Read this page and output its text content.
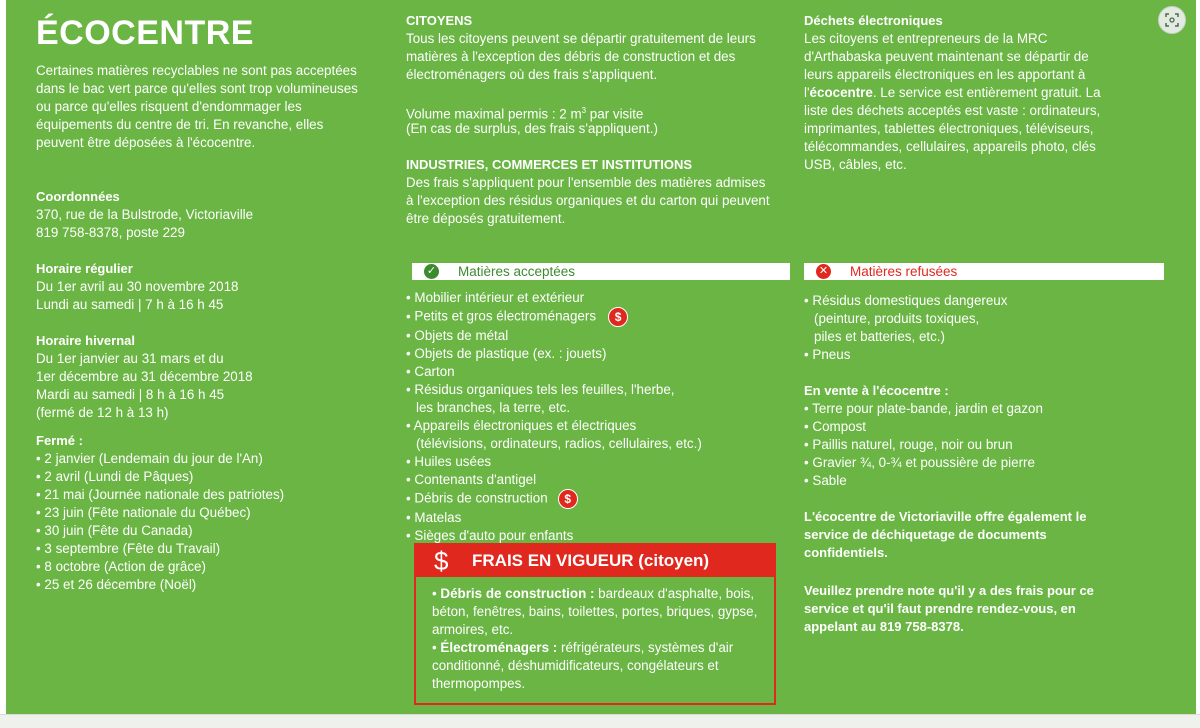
ÉCOCENTRE
Certaines matières recyclables ne sont pas acceptées dans le bac vert parce qu'elles sont trop volumineuses ou parce qu'elles risquent d'endommager les équipements du centre de tri. En revanche, elles peuvent être déposées à l'écocentre.
Coordonnées
370, rue de la Bulstrode, Victoriaville
819 758-8378, poste 229
Horaire régulier
Du 1er avril au 30 novembre 2018
Lundi au samedi | 7 h à 16 h 45
Horaire hivernal
Du 1er janvier au 31 mars et du
1er décembre au 31 décembre 2018
Mardi au samedi | 8 h à 16 h 45
(fermé de 12 h à 13 h)
Fermé :
• 2 janvier (Lendemain du jour de l'An)
• 2 avril (Lundi de Pâques)
• 21 mai (Journée nationale des patriotes)
• 23 juin (Fête nationale du Québec)
• 30 juin (Fête du Canada)
• 3 septembre (Fête du Travail)
• 8 octobre (Action de grâce)
• 25 et 26 décembre (Noël)
CITOYENS
Tous les citoyens peuvent se départir gratuitement de leurs matières à l'exception des débris de construction et des électroménagers où des frais s'appliquent.
Volume maximal permis : 2 $m^3$ par visite
(En cas de surplus, des frais s'appliquent.)
INDUSTRIES, COMMERCES ET INSTITUTIONS
Des frais s'appliquent pour l'ensemble des matières admises à l'exception des résidus organiques et du carton qui peuvent être déposés gratuitement.
✓ Matières acceptées
• Mobilier intérieur et extérieur
• Petits et gros électroménagers $
• Objets de métal
• Objets de plastique (ex. : jouets)
• Carton
• Résidus organiques tels les feuilles, l'herbe,
les branches, la terre, etc.
• Appareils électroniques et électriques
(télévisions, ordinateurs, radios, cellulaires, etc.)
• Huiles usées
• Contenants d'antigel
• Débris de construction $
• Matelas
• Sièges d'auto pour enfants
$ FRAIS EN VIGUEUR (citoyen)
• Débris de construction : bardeaux d'asphalte, bois, béton, fenêtres, bains, toilettes, portes, briques, gypse, armoires, etc.
• Électroménagers : réfrigérateurs, systèmes d'air conditionné, déshumidificateurs, congélateurs et thermopompes.
Déchets électroniques
Les citoyens et entrepreneurs de la MRC d'Arthabaska peuvent maintenant se départir de leurs appareils électroniques en les apportant à l'écocentre. Le service est entièrement gratuit. La liste des déchets acceptés est vaste : ordinateurs, imprimantes, tablettes électroniques, téléviseurs, télécommandes, cellulaires, appareils photo, clés USB, câbles, etc.
✕ Matières refusées
• Résidus domestiques dangereux
(peinture, produits toxiques,
piles et batteries, etc.)
• Pneus
En vente à l'écocentre :
• Terre pour plate-bande, jardin et gazon
• Compost
• Paillis naturel, rouge, noir ou brun
• Gravier ¾, 0-¾ et poussière de pierre
• Sable
L'écocentre de Victoriaville offre également le service de déchiquetage de documents confidentiels.
Veuillez prendre note qu'il y a des frais pour ce service et qu'il faut prendre rendez-vous, en appelant au 819 758-8378.
